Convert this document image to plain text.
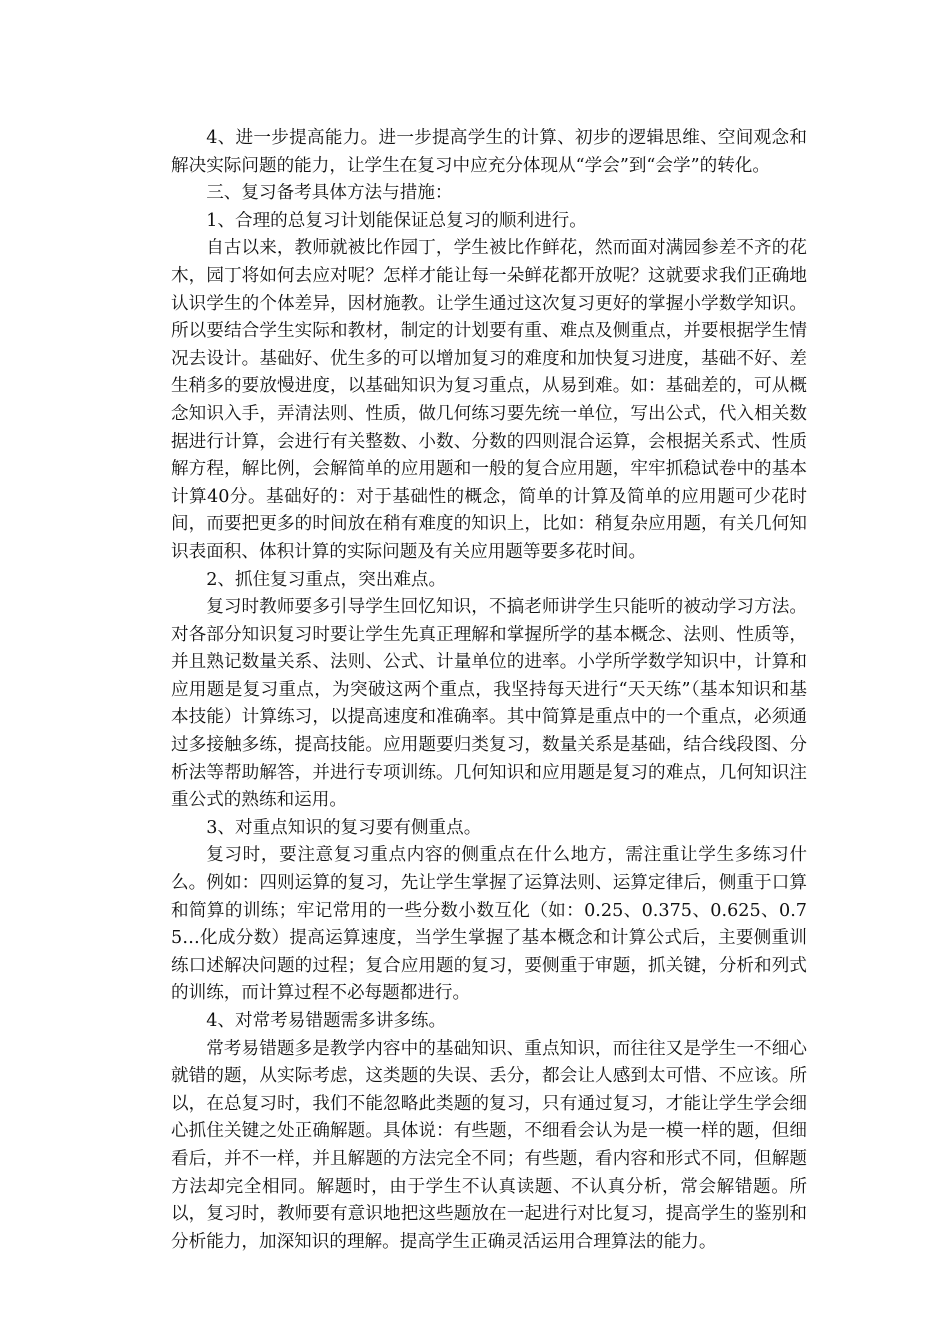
4、进一步提高能力。进一步提高学生的计算、初步的逻辑思维、空间观念和解决实际问题的能力，让学生在复习中应充分体现从“学会”到“会学”的转化。

三、复习备考具体方法与措施：

1、合理的总复习计划能保证总复习的顺利进行。

自古以来，教师就被比作园丁，学生被比作鲜花，然而面对满园参差不齐的花木，园丁将如何去应对呢？怎样才能让每一朵鲜花都开放呢？这就要求我们正确地认识学生的个体差异，因材施教。让学生通过这次复习更好的掌握小学数学知识。所以要结合学生实际和教材，制定的计划要有重、难点及侧重点，并要根据学生情况去设计。基础好、优生多的可以增加复习的难度和加快复习进度，基础不好、差生稍多的要放慢进度，以基础知识为复习重点，从易到难。如：基础差的，可从概念知识入手，弄清法则、性质，做几何练习要先统一单位，写出公式，代入相关数据进行计算，会进行有关整数、小数、分数的四则混合运算，会根据关系式、性质解方程，解比例，会解简单的应用题和一般的复合应用题，牢牢抓稳试卷中的基本计算40分。基础好的：对于基础性的概念，简单的计算及简单的应用题可少花时间，而要把更多的时间放在稍有难度的知识上，比如：稍复杂应用题，有关几何知识表面积、体积计算的实际问题及有关应用题等要多花时间。

2、抓住复习重点，突出难点。

复习时教师要多引导学生回忆知识，不搞老师讲学生只能听的被动学习方法。对各部分知识复习时要让学生先真正理解和掌握所学的基本概念、法则、性质等，并且熟记数量关系、法则、公式、计量单位的进率。小学所学数学知识中，计算和应用题是复习重点，为突破这两个重点，我坚持每天进行“天天练”（基本知识和基本技能）计算练习，以提高速度和准确率。其中简算是重点中的一个重点，必须通过多接触多练，提高技能。应用题要归类复习，数量关系是基础，结合线段图、分析法等帮助解答，并进行专项训练。几何知识和应用题是复习的难点，几何知识注重公式的熟练和运用。

3、对重点知识的复习要有侧重点。

复习时，要注意复习重点内容的侧重点在什么地方，需注重让学生多练习什么。例如：四则运算的复习，先让学生掌握了运算法则、运算定律后，侧重于口算和简算的训练；牢记常用的一些分数小数互化（如：0.25、0.375、0.625、0.75…化成分数）提高运算速度，当学生掌握了基本概念和计算公式后，主要侧重训练口述解决问题的过程；复合应用题的复习，要侧重于审题，抓关键，分析和列式的训练，而计算过程不必每题都进行。

4、对常考易错题需多讲多练。

常考易错题多是教学内容中的基础知识、重点知识，而往往又是学生一不细心就错的题，从实际考虑，这类题的失误、丢分，都会让人感到太可惜、不应该。所以，在总复习时，我们不能忽略此类题的复习，只有通过复习，才能让学生学会细心抓住关键之处正确解题。具体说：有些题，不细看会认为是一模一样的题，但细看后，并不一样，并且解题的方法完全不同；有些题，看内容和形式不同，但解题方法却完全相同。解题时，由于学生不认真读题、不认真分析，常会解错题。所以，复习时，教师要有意识地把这些题放在一起进行对比复习，提高学生的鉴别和分析能力，加深知识的理解。提高学生正确灵活运用合理算法的能力。
